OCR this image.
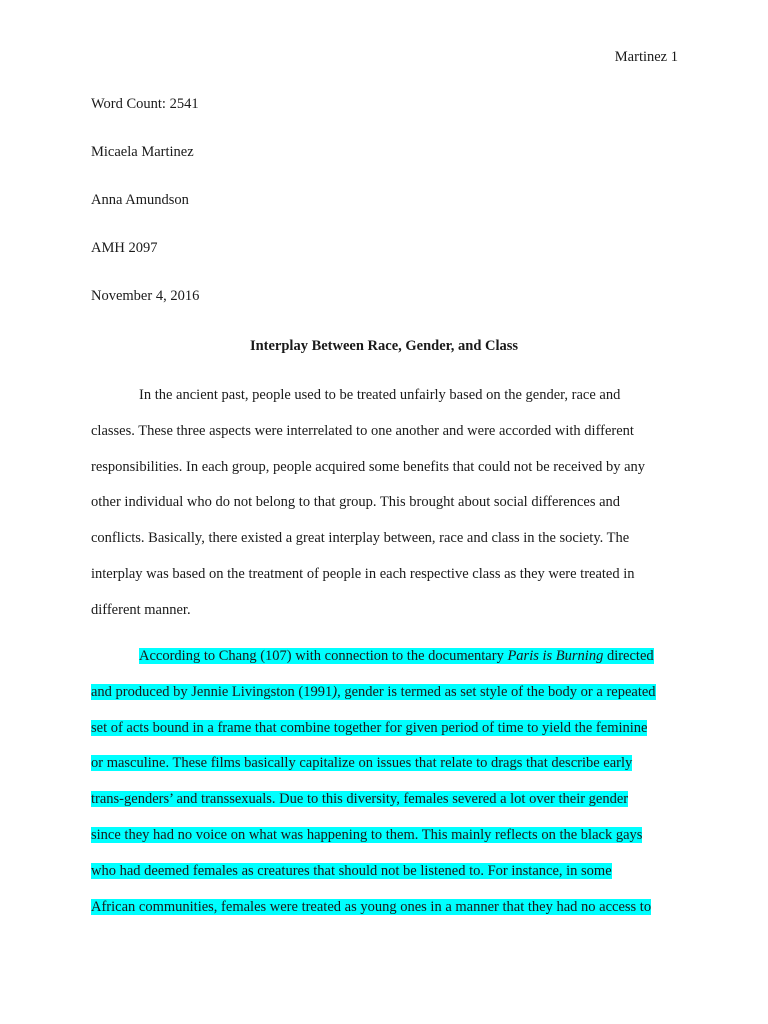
Martinez 1
Word Count: 2541
Micaela Martinez
Anna Amundson
AMH 2097
November 4, 2016
Interplay Between Race, Gender, and Class
In the ancient past, people used to be treated unfairly based on the gender, race and
classes. These three aspects were interrelated to one another and were accorded with different
responsibilities. In each group, people acquired some benefits that could not be received by any
other individual who do not belong to that group. This brought about social differences and
conflicts. Basically, there existed a great interplay between, race and class in the society. The
interplay was based on the treatment of people in each respective class as they were treated in
different manner.
According to Chang (107) with connection to the documentary Paris is Burning directed
and produced by Jennie Livingston (1991), gender is termed as set style of the body or a repeated
set of acts bound in a frame that combine together for given period of time to yield the feminine
or masculine. These films basically capitalize on issues that relate to drags that describe early
trans-genders’ and transsexuals. Due to this diversity, females severed a lot over their gender
since they had no voice on what was happening to them. This mainly reflects on the black gays
who had deemed females as creatures that should not be listened to. For instance, in some
African communities, females were treated as young ones in a manner that they had no access to
